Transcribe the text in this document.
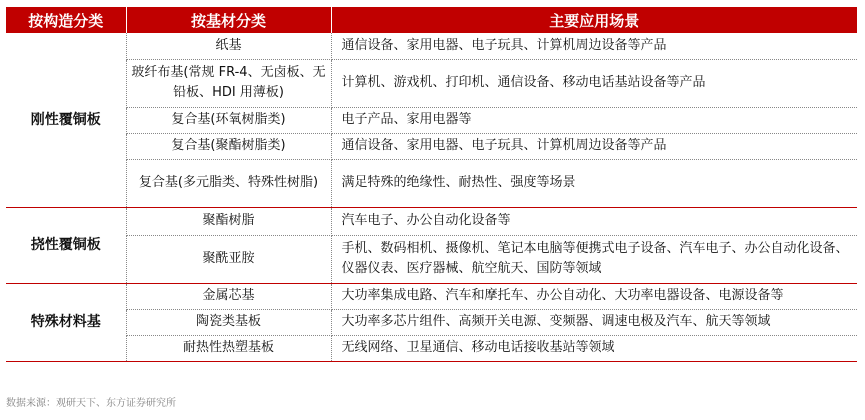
按构造分类	按基材分类	主要应用场景
刚性覆铜板	纸基	通信设备、家用电器、电子玩具、计算机周边设备等产品
	玻纤布基(常规 FR-4、无卤板、无铅板、HDI 用薄板)	计算机、游戏机、打印机、通信设备、移动电话基站设备等产品
	复合基(环氧树脂类)	电子产品、家用电器等
	复合基(聚酯树脂类)	通信设备、家用电器、电子玩具、计算机周边设备等产品
	复合基(多元脂类、特殊性树脂)	满足特殊的绝缘性、耐热性、强度等场景
挠性覆铜板	聚酯树脂	汽车电子、办公自动化设备等
	聚酰亚胺	手机、数码相机、摄像机、笔记本电脑等便携式电子设备、汽车电子、办公自动化设备、仪器仪表、医疗器械、航空航天、国防等领域
特殊材料基	金属芯基	大功率集成电路、汽车和摩托车、办公自动化、大功率电器设备、电源设备等
	陶瓷类基板	大功率多芯片组件、高频开关电源、变频器、调速电极及汽车、航天等领域
	耐热性热塑基板	无线网络、卫星通信、移动电话接收基站等领域
数据来源：观研天下、东方证券研究所
